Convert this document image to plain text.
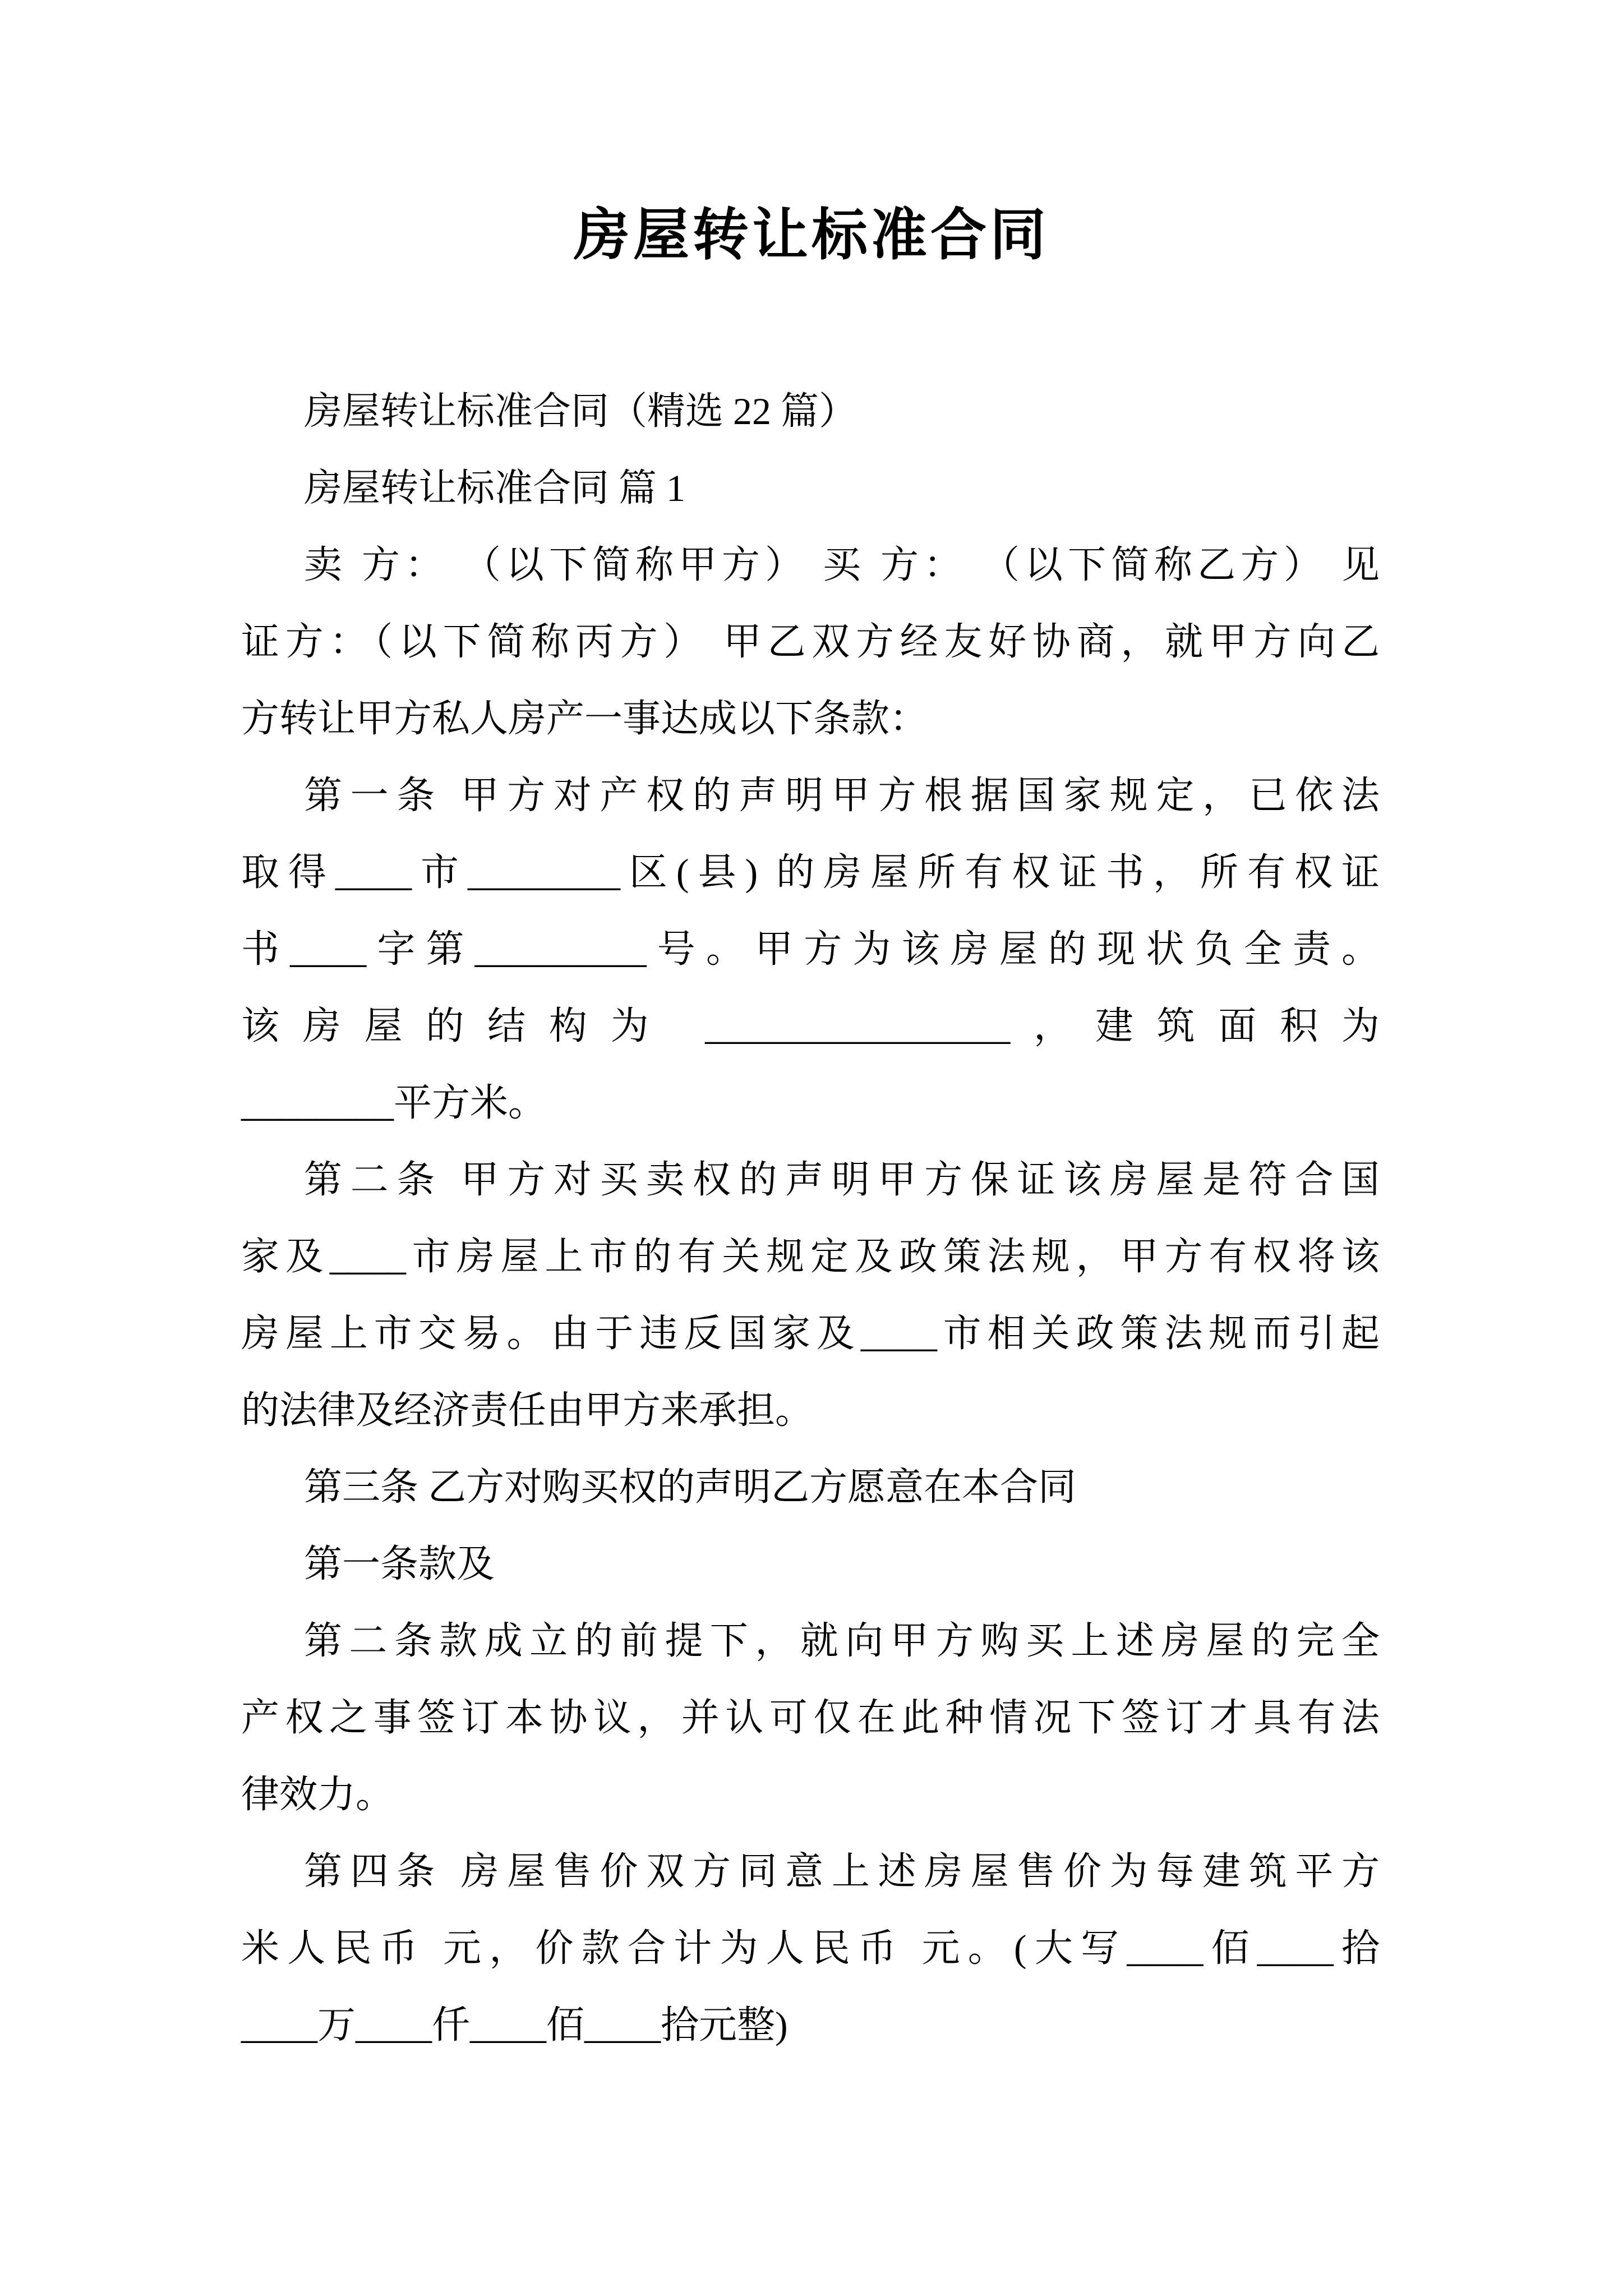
房屋转让标准合同
房屋转让标准合同（精选 22 篇）
房屋转让标准合同 篇 1
卖 方： （以下简称甲方） 买 方： （以下简称乙方） 见
证方：（以下简称丙方） 甲乙双方经友好协商，就甲方向乙
方转让甲方私人房产一事达成以下条款：
第一条 甲方对产权的声明甲方根据国家规定，已依法
取得____市________区(县) 的房屋所有权证书，所有权证
书____字第_________号。甲方为该房屋的现状负全责。
该房屋的结构为 ________________，建筑面积为
________平方米。
第二条 甲方对买卖权的声明甲方保证该房屋是符合国
家及____市房屋上市的有关规定及政策法规，甲方有权将该
房屋上市交易。由于违反国家及____市相关政策法规而引起
的法律及经济责任由甲方来承担。
第三条 乙方对购买权的声明乙方愿意在本合同
第一条款及
第二条款成立的前提下，就向甲方购买上述房屋的完全
产权之事签订本协议，并认可仅在此种情况下签订才具有法
律效力。
第四条 房屋售价双方同意上述房屋售价为每建筑平方
米人民币 元，价款合计为人民币 元。(大写____佰____拾
____万____仟____佰____拾元整)
